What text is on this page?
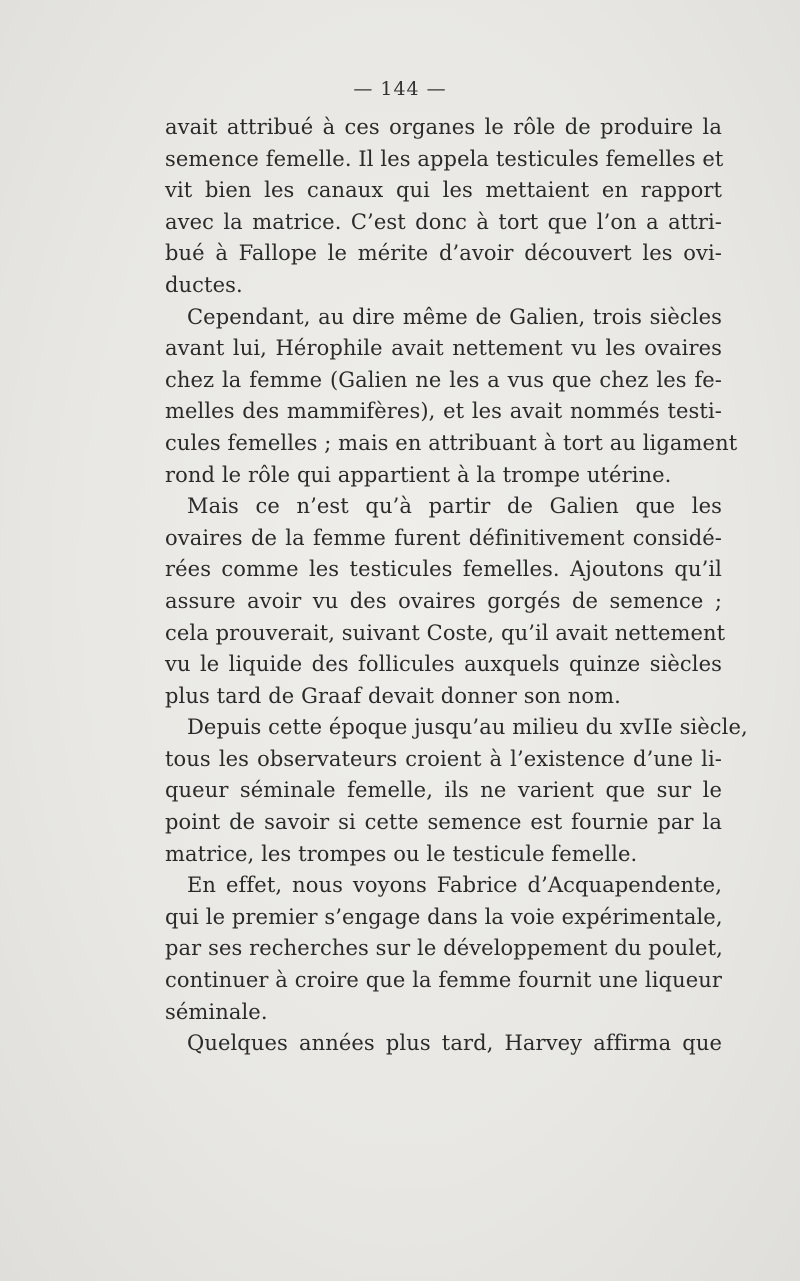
— 144 —
avait attribué à ces organes le rôle de produire la
semence femelle. Il les appela testicules femelles et
vit bien les canaux qui les mettaient en rapport
avec la matrice. C’est donc à tort que l’on a attri-
bué à Fallope le mérite d’avoir découvert les ovi-
ductes.
Cependant, au dire même de Galien, trois siècles
avant lui, Hérophile avait nettement vu les ovaires
chez la femme (Galien ne les a vus que chez les fe-
melles des mammifères), et les avait nommés testi-
cules femelles ; mais en attribuant à tort au ligament
rond le rôle qui appartient à la trompe utérine.
Mais ce n’est qu’à partir de Galien que les
ovaires de la femme furent définitivement considé-
rées comme les testicules femelles. Ajoutons qu’il
assure avoir vu des ovaires gorgés de semence ;
cela prouverait, suivant Coste, qu’il avait nettement
vu le liquide des follicules auxquels quinze siècles
plus tard de Graaf devait donner son nom.
Depuis cette époque jusqu’au milieu du xvIIe siècle,
tous les observateurs croient à l’existence d’une li-
queur séminale femelle, ils ne varient que sur le
point de savoir si cette semence est fournie par la
matrice, les trompes ou le testicule femelle.
En effet, nous voyons Fabrice d’Acquapendente,
qui le premier s’engage dans la voie expérimentale,
par ses recherches sur le développement du poulet,
continuer à croire que la femme fournit une liqueur
séminale.
Quelques années plus tard, Harvey affirma que
